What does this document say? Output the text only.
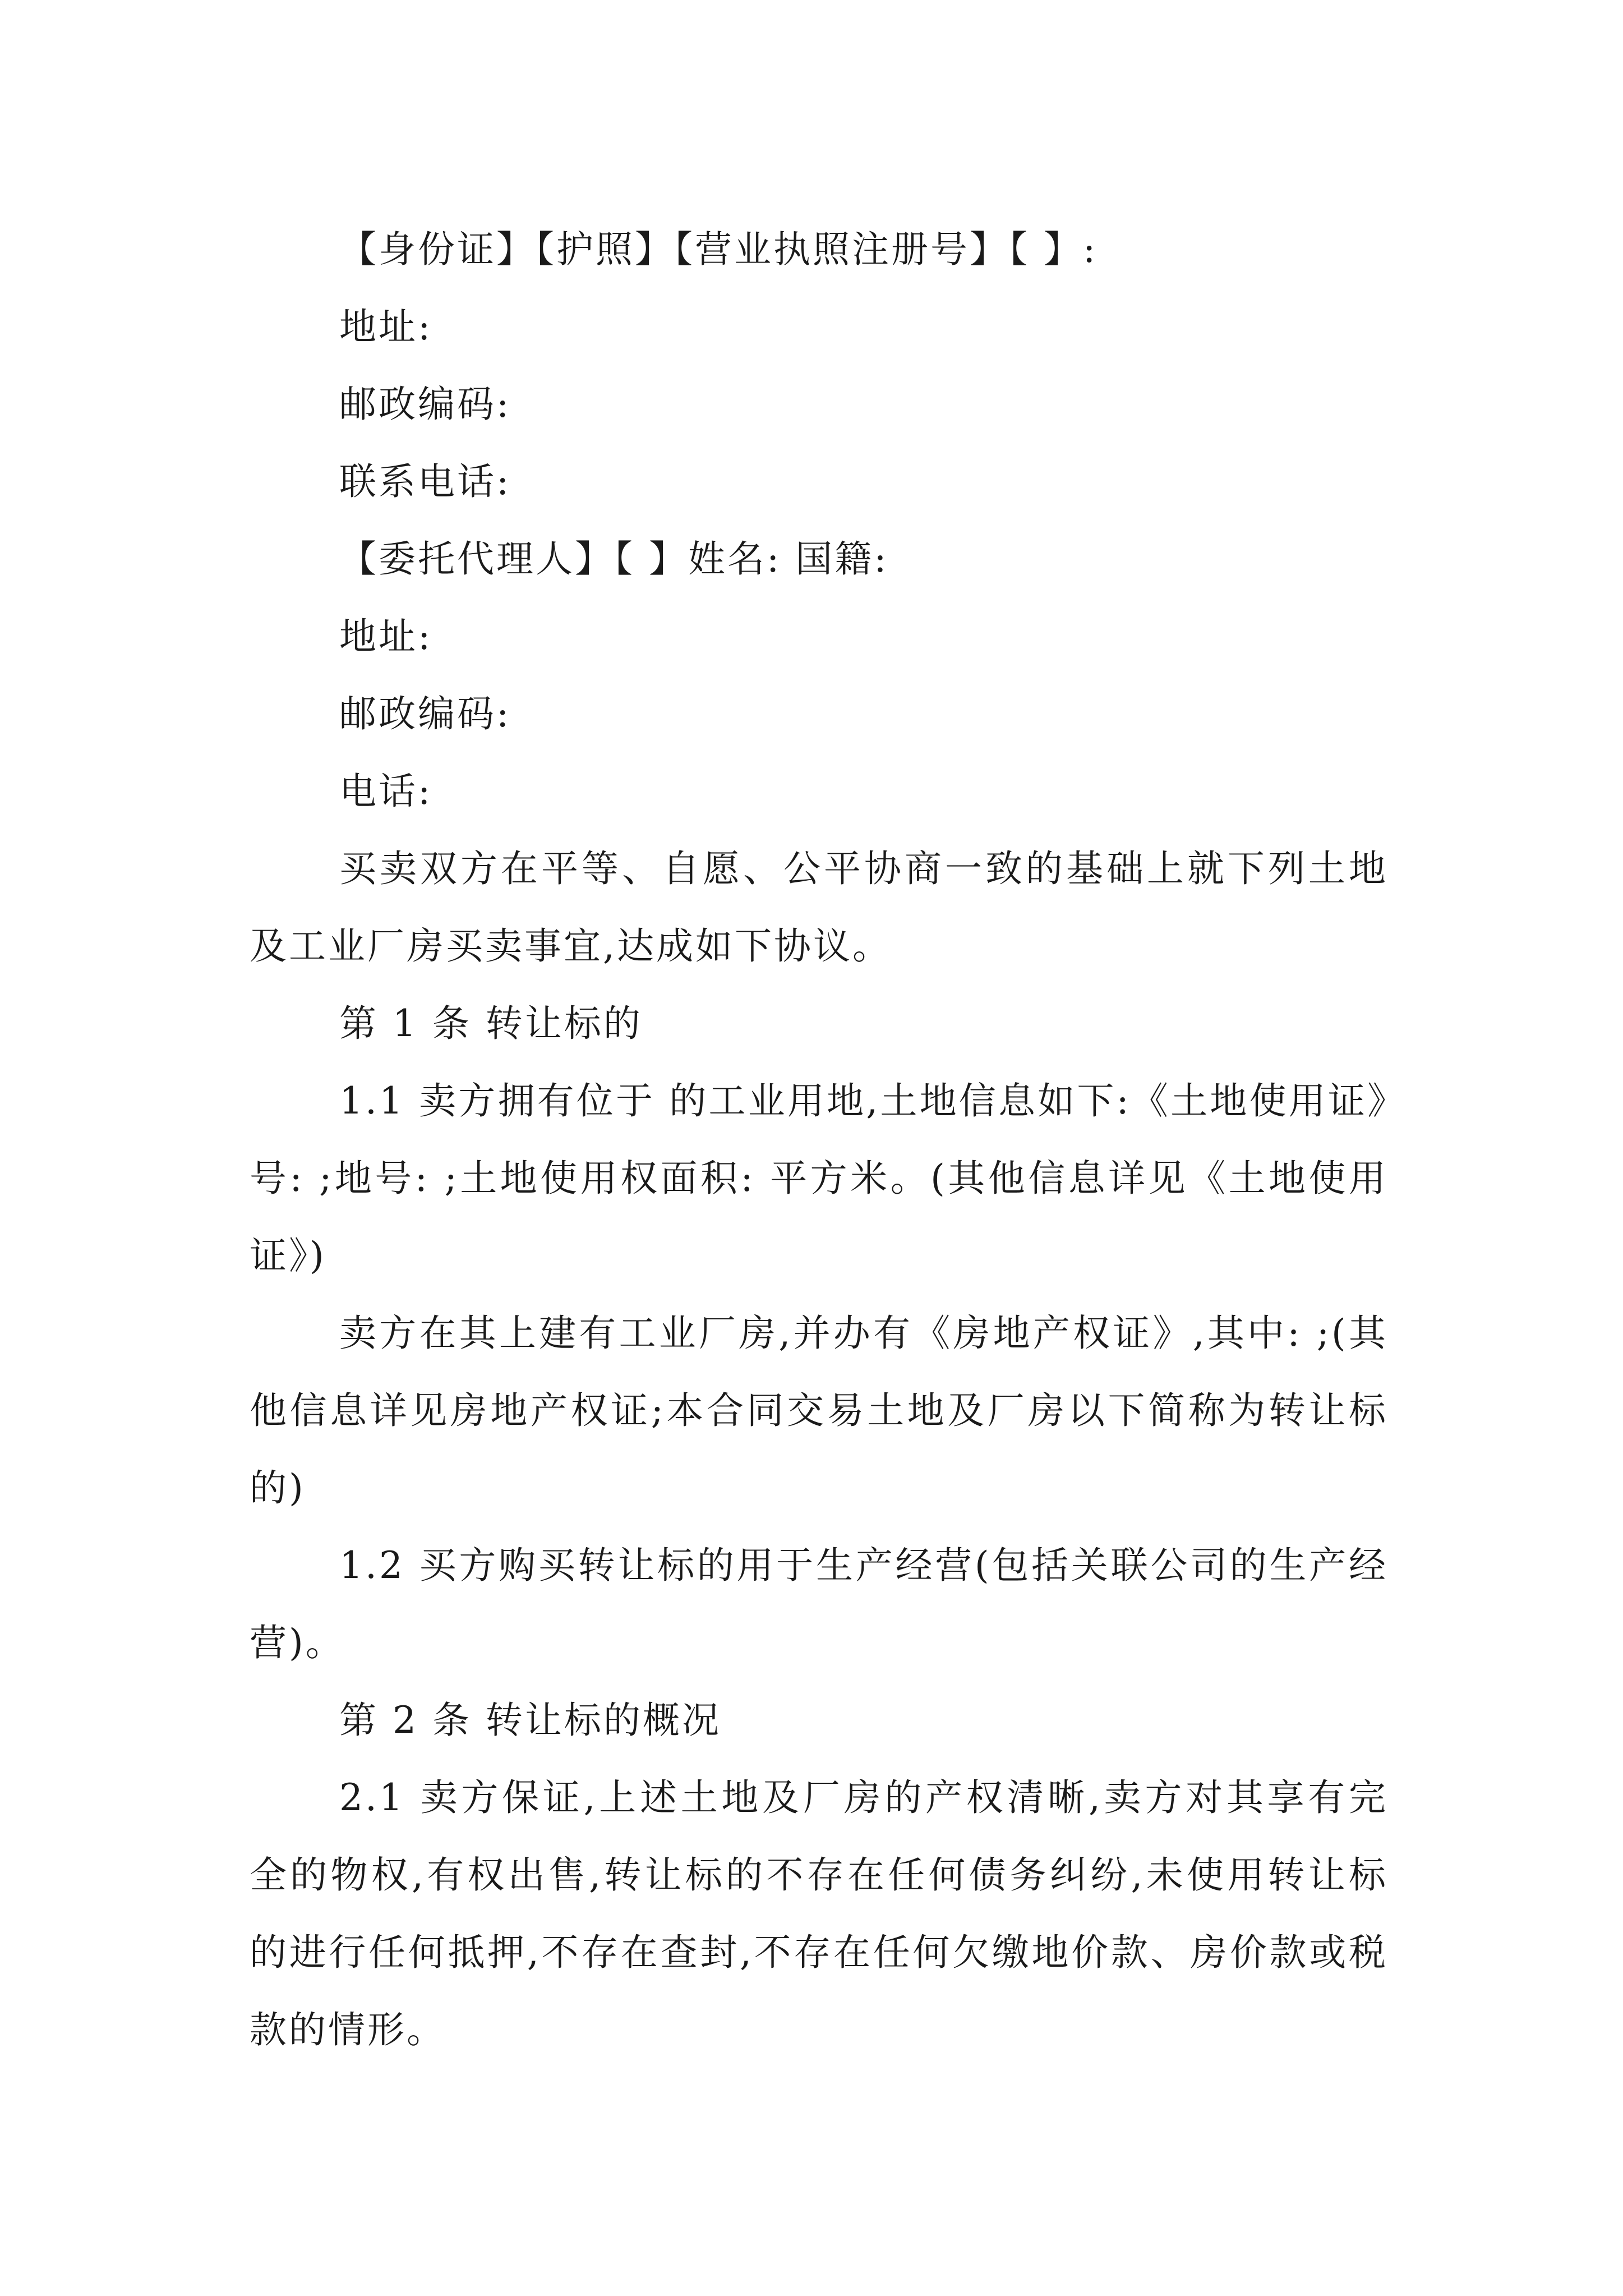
【身份证】【护照】【营业执照注册号】【 】:
地址:
邮政编码:
联系电话:
【委托代理人】【 】姓名: 国籍:
地址:
邮政编码:
电话:

买卖双方在平等、自愿、公平协商一致的基础上就下列土地及工业厂房买卖事宜,达成如下协议。

第 1 条 转让标的

1.1 卖方拥有位于 的工业用地,土地信息如下:《土地使用证》号: ;地号: ;土地使用权面积: 平方米。(其他信息详见《土地使用证》)

卖方在其上建有工业厂房,并办有《房地产权证》,其中: ;(其他信息详见房地产权证;本合同交易土地及厂房以下简称为转让标的)

1.2 买方购买转让标的用于生产经营(包括关联公司的生产经营)。

第 2 条 转让标的概况

2.1 卖方保证,上述土地及厂房的产权清晰,卖方对其享有完全的物权,有权出售,转让标的不存在任何债务纠纷,未使用转让标的进行任何抵押,不存在查封,不存在任何欠缴地价款、房价款或税款的情形。
